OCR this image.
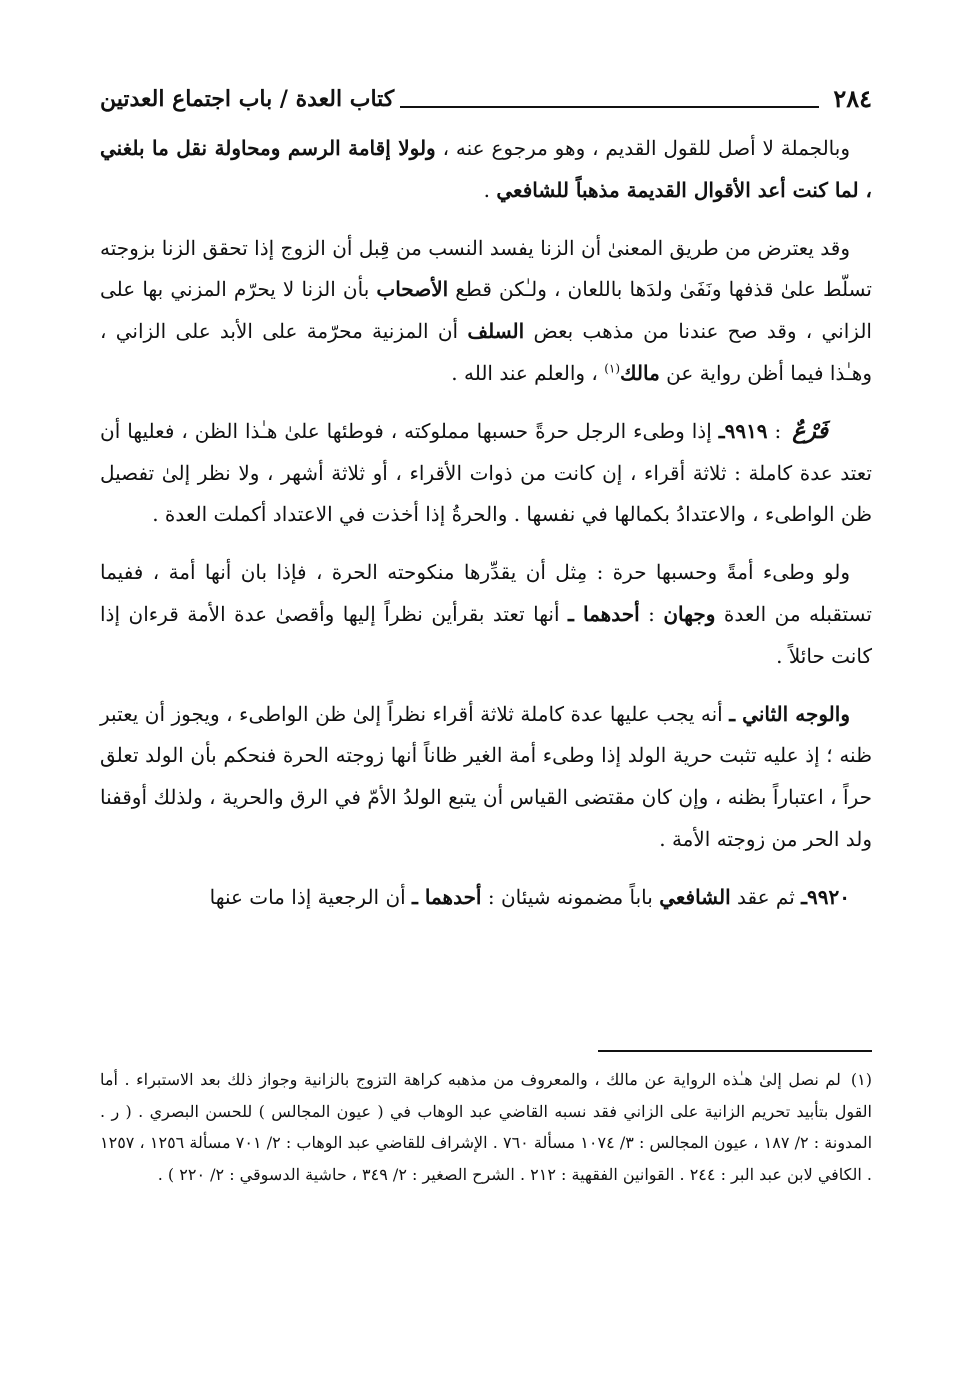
٢٨٤
كتاب العدة / باب اجتماع العدتين

وبالجملة لا أصل للقول القديم ، وهو مرجوع عنه ، ولولا إقامة الرسم ومحاولة نقل ما بلغني ، لما كنت أعد الأقوال القديمة مذهباً للشافعي .

وقد يعترض من طريق المعنىٰ أن الزنا يفسد النسب من قِبل أن الزوج إذا تحقق الزنا بزوجته تسلّط علىٰ قذفها ونَفَىٰ ولدَها باللعان ، ولـٰكن قطع الأصحاب بأن الزنا لا يحرّم المزني بها على الزاني ، وقد صح عندنا من مذهب بعض السلف أن المزنية محرّمة على الأبد على الزاني ، وهـٰذا فيما أظن رواية عن مالك$^{(١)}$ ، والعلم عند الله .

فَرْعٌ : ٩٩١٩ـ إذا وطىء الرجل حرةً حسبها مملوكته ، فوطئها علىٰ هـٰذا الظن ، فعليها أن تعتد عدة كاملة : ثلاثة أقراء ، إن كانت من ذوات الأقراء ، أو ثلاثة أشهر ، ولا نظر إلىٰ تفصيل ظن الواطىء ، والاعتدادُ بكمالها في نفسها . والحرةُ إذا أخذت في الاعتداد أكملت العدة .

ولو وطىء أمةً وحسبها حرة : مِثل أن يقدِّرها منكوحته الحرة ، فإذا بان أنها أمة ، ففيما تستقبله من العدة وجهان : أحدهما ـ أنها تعتد بقرأين نظراً إليها وأقصىٰ عدة الأمة قرءان إذا كانت حائلاً .

والوجه الثاني ـ أنه يجب عليها عدة كاملة ثلاثة أقراء نظراً إلىٰ ظن الواطىء ، ويجوز أن يعتبر ظنه ؛ إذ عليه تثبت حرية الولد إذا وطىء أمة الغير ظاناً أنها زوجته الحرة فنحكم بأن الولد تعلق حراً ، اعتباراً بظنه ، وإن كان مقتضى القياس أن يتبع الولدُ الأمّ في الرق والحرية ، ولذلك أوقفنا ولد الحر من زوجته الأمة .

٩٩٢٠ـ ثم عقد الشافعي باباً مضمونه شيئان : أحدهما ـ أن الرجعية إذا مات عنها

(١)
لم نصل إلىٰ هـٰذه الرواية عن مالك ، والمعروف من مذهبه كراهة التزوج بالزانية وجواز ذلك بعد الاستبراء . أما القول بتأبيد تحريم الزانية على الزاني فقد نسبه القاضي عبد الوهاب في ( عيون المجالس ) للحسن البصري . ( ر . المدونة : ٢/ ١٨٧ ، عيون المجالس : ٣/ ١٠٧٤ مسألة ٧٦٠ . الإشراف للقاضي عبد الوهاب : ٢/ ٧٠١ مسألة ١٢٥٦ ، ١٢٥٧ . الكافي لابن عبد البر : ٢٤٤ . القوانين الفقهية : ٢١٢ . الشرح الصغير : ٢/ ٣٤٩ ، حاشية الدسوقي : ٢/ ٢٢٠ ) .
